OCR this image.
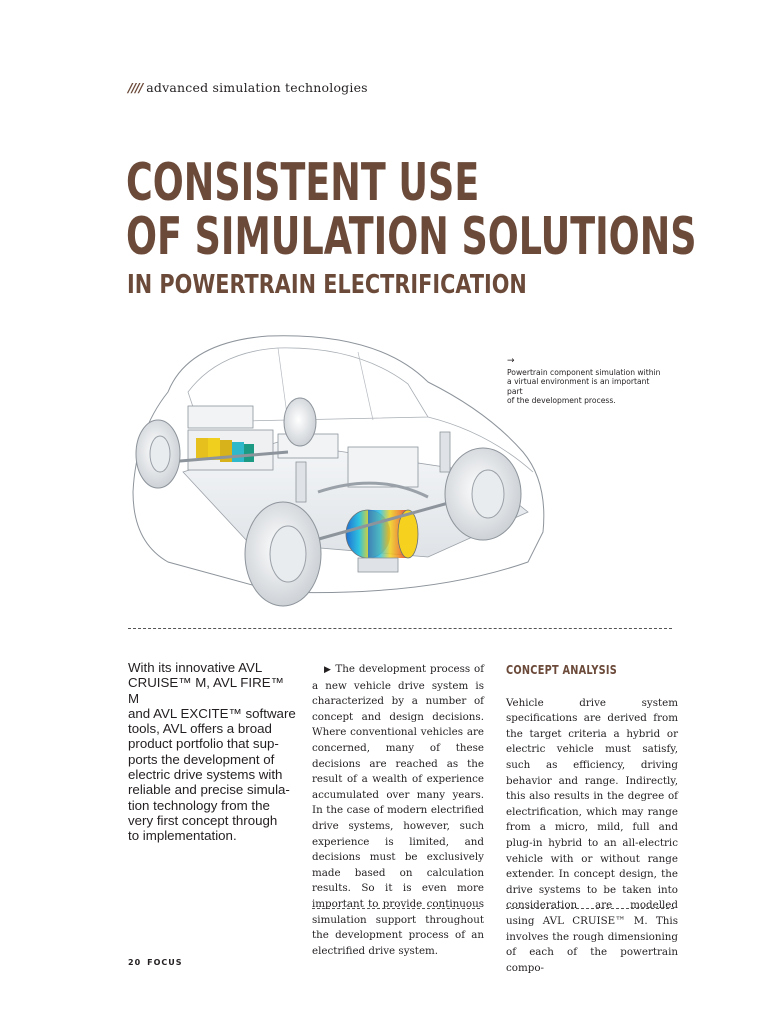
//// advanced simulation technologies
CONSISTENT USE
OF SIMULATION SOLUTIONS
IN POWERTRAIN ELECTRIFICATION
→
Powertrain component simulation within
a virtual environment is an important part
of the development process.
With its innovative AVL
CRUISE™ M, AVL FIRE™ M
and AVL EXCITE™ software
tools, AVL offers a broad
product portfolio that sup-
ports the development of
electric drive systems with
reliable and precise simula-
tion technology from the
very first concept through
to implementation.
▶ The development process of a new vehicle drive system is characterized by a number of concept and design decisions. Where conventional vehicles are concerned, many of these decisions are reached as the result of a wealth of experience accumulated over many years. In the case of modern electrified drive systems, however, such experience is limited, and decisions must be exclusively made based on calculation results. So it is even more important to provide continuous simulation support throughout the development process of an electrified drive system.
CONCEPT ANALYSIS
Vehicle drive system specifications are derived from the target criteria a hybrid or electric vehicle must satisfy, such as efficiency, driving behavior and range. Indirectly, this also results in the degree of electrification, which may range from a micro, mild, full and plug-in hybrid to an all-electric vehicle with or without range extender. In concept design, the drive systems to be taken into consideration are modelled using AVL CRUISE™ M. This involves the rough dimensioning of each of the powertrain compo-
20 FOCUS
